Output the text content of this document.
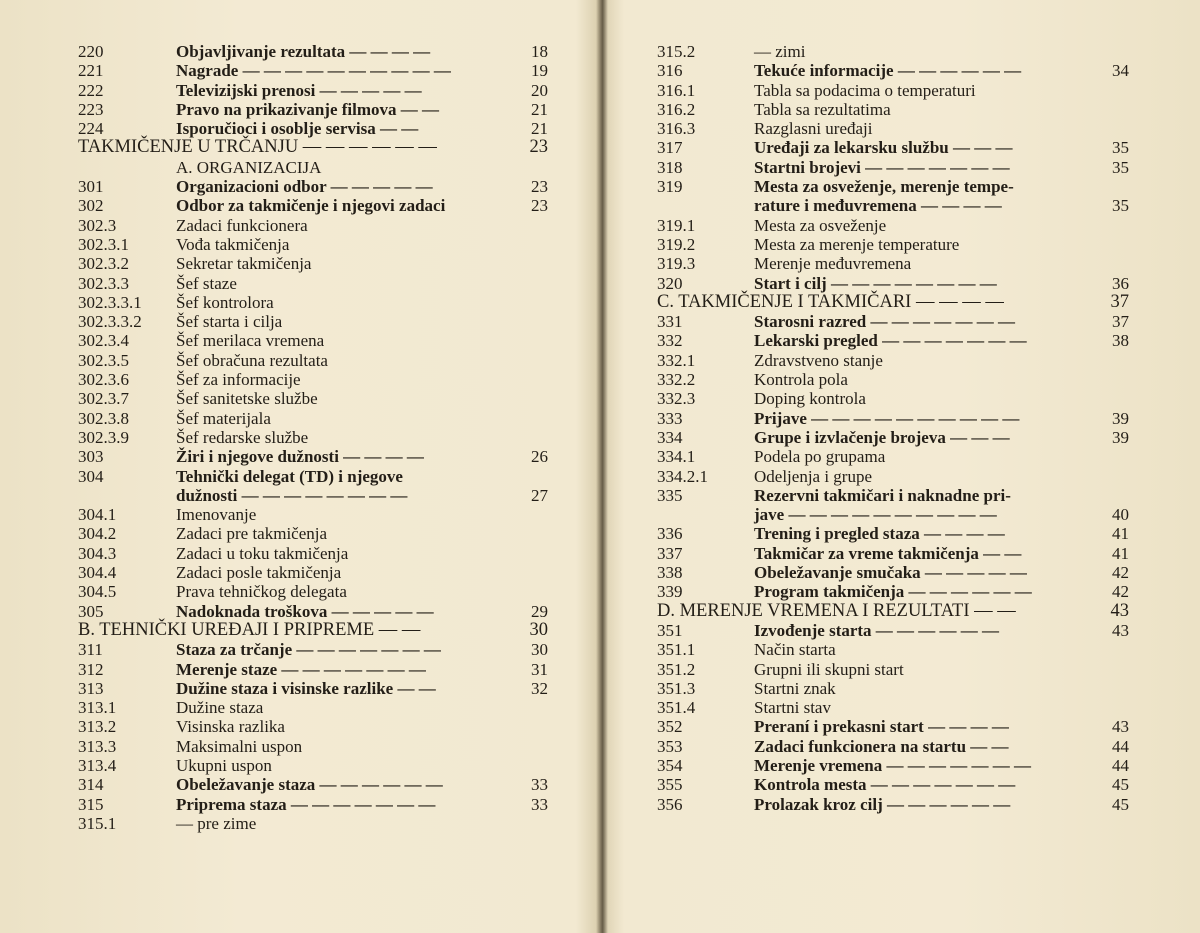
220	Objavljivanje rezultata — — — —	18
221	Nagrade — — — — — — — — — —	19
222	Televizijski prenosi — — — — —	20
223	Pravo na prikazivanje filmova — —	21
224	Isporučioci i osoblje servisa — —	21
TAKMIČENJE U TRČANJU — — — — — —	23
A. ORGANIZACIJA
301	Organizacioni odbor — — — — —	23
302	Odbor za takmičenje i njegovi zadaci	23
302.3	Zadaci funkcionera
302.3.1	Vođa takmičenja
302.3.2	Sekretar takmičenja
302.3.3	Šef staze
302.3.3.1 Šef kontrolora
302.3.3.2 Šef starta i cilja
302.3.4	Šef merilaca vremena
302.3.5	Šef obračuna rezultata
302.3.6	Šef za informacije
302.3.7	Šef sanitetske službe
302.3.8	Šef materijala
302.3.9	Šef redarske službe
303	Žiri i njegove dužnosti — — — —	26
304	Tehnički delegat (TD) i njegove
dužnosti — — — — — — — —	27
304.1	Imenovanje
304.2	Zadaci pre takmičenja
304.3	Zadaci u toku takmičenja
304.4	Zadaci posle takmičenja
304.5	Prava tehničkog delegata
305	Nadoknada troškova — — — — —	29
B. TEHNIČKI UREĐAJI I PRIPREME — —	30
311	Staza za trčanje — — — — — — —	30
312	Merenje staze — — — — — — —	31
313	Dužine staza i visinske razlike — —	32
313.1	Dužine staza
313.2	Visinska razlika
313.3	Maksimalni uspon
313.4	Ukupni uspon
314	Obeležavanje staza — — — — — —	33
315	Priprema staza — — — — — — —	33
315.1	— pre zime
315.2	— zimi
316	Tekuće informacije — — — — — —	34
316.1	Tabla sa podacima o temperaturi
316.2	Tabla sa rezultatima
316.3	Razglasni uređaji
317	Uređaji za lekarsku službu — — —	35
318	Startni brojevi — — — — — — —	35
319	Mesta za osveženje, merenje tempe-
rature i međuvremena — — — —	35
319.1	Mesta za osveženje
319.2	Mesta za merenje temperature
319.3	Merenje međuvremena
320	Start i cilj — — — — — — — —	36
C. TAKMIČENJE I TAKMIČARI — — — —	37
331	Starosni razred — — — — — — —	37
332	Lekarski pregled — — — — — — —	38
332.1	Zdravstveno stanje
332.2	Kontrola pola
332.3	Doping kontrola
333	Prijave — — — — — — — — — —	39
334	Grupe i izvlačenje brojeva — — —	39
334.1	Podela po grupama
334.2.1	Odeljenja i grupe
335	Rezervni takmičari i naknadne pri-
jave — — — — — — — — — —	40
336	Trening i pregled staza — — — —	41
337	Takmičar za vreme takmičenja — —	41
338	Obeležavanje smučaka — — — — —	42
339	Program takmičenja — — — — — —	42
D. MERENJE VREMENA I REZULTATI — —	43
351	Izvođenje starta — — — — — —	43
351.1	Način starta
351.2	Grupni ili skupni start
351.3	Startni znak
351.4	Startni stav
352	Preraní i prekasni start — — — —	43
353	Zadaci funkcionera na startu — —	44
354	Merenje vremena — — — — — — —	44
355	Kontrola mesta — — — — — — —	45
356	Prolazak kroz cilj — — — — — —	45
